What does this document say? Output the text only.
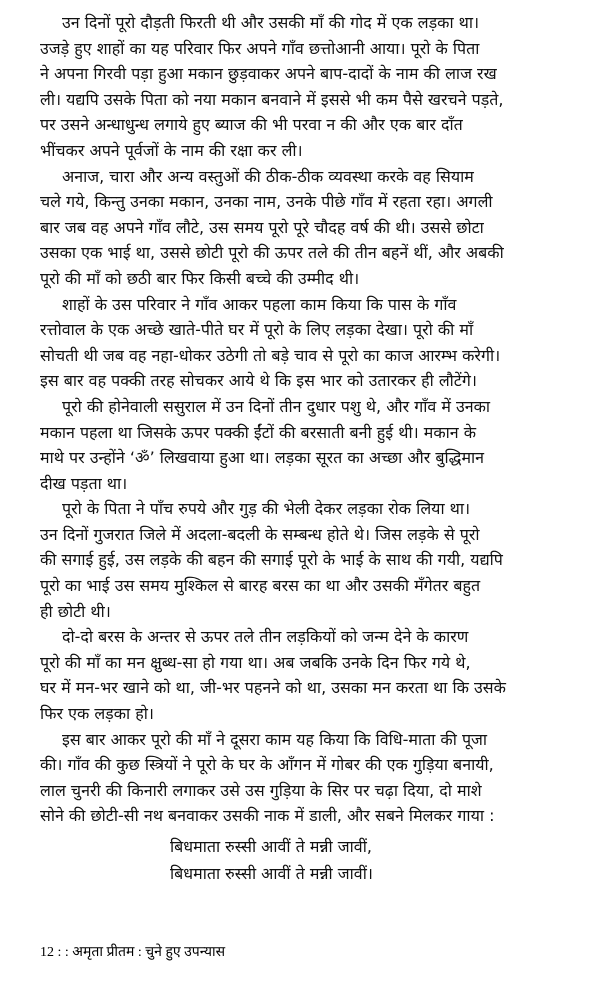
उन दिनों पूरो दौड़ती फिरती थी और उसकी माँ की गोद में एक लड़का था।
उजड़े हुए शाहों का यह परिवार फिर अपने गाँव छत्तोआनी आया। पूरो के पिता
ने अपना गिरवी पड़ा हुआ मकान छुड़वाकर अपने बाप-दादों के नाम की लाज रख
ली। यद्यपि उसके पिता को नया मकान बनवाने में इससे भी कम पैसे खरचने पड़ते,
पर उसने अन्धाधुन्ध लगाये हुए ब्याज की भी परवा न की और एक बार दाँत
भींचकर अपने पूर्वजों के नाम की रक्षा कर ली।

अनाज, चारा और अन्य वस्तुओं की ठीक-ठीक व्यवस्था करके वह सियाम
चले गये, किन्तु उनका मकान, उनका नाम, उनके पीछे गाँव में रहता रहा। अगली
बार जब वह अपने गाँव लौटे, उस समय पूरो पूरे चौदह वर्ष की थी। उससे छोटा
उसका एक भाई था, उससे छोटी पूरो की ऊपर तले की तीन बहनें थीं, और अबकी
पूरो की माँ को छठी बार फिर किसी बच्चे की उम्मीद थी।

शाहों के उस परिवार ने गाँव आकर पहला काम किया कि पास के गाँव
रत्तोवाल के एक अच्छे खाते-पीते घर में पूरो के लिए लड़का देखा। पूरो की माँ
सोचती थी जब वह नहा-धोकर उठेगी तो बड़े चाव से पूरो का काज आरम्भ करेगी।
इस बार वह पक्की तरह सोचकर आये थे कि इस भार को उतारकर ही लौटेंगे।

पूरो की होनेवाली ससुराल में उन दिनों तीन दुधार पशु थे, और गाँव में उनका
मकान पहला था जिसके ऊपर पक्की ईंटों की बरसाती बनी हुई थी। मकान के
माथे पर उन्होंने ‘ॐ’ लिखवाया हुआ था। लड़का सूरत का अच्छा और बुद्धिमान
दीख पड़ता था।

पूरो के पिता ने पाँच रुपये और गुड़ की भेली देकर लड़का रोक लिया था।
उन दिनों गुजरात जिले में अदला-बदली के सम्बन्ध होते थे। जिस लड़के से पूरो
की सगाई हुई, उस लड़के की बहन की सगाई पूरो के भाई के साथ की गयी, यद्यपि
पूरो का भाई उस समय मुश्किल से बारह बरस का था और उसकी मँगेतर बहुत
ही छोटी थी।

दो-दो बरस के अन्तर से ऊपर तले तीन लड़कियों को जन्म देने के कारण
पूरो की माँ का मन क्षुब्ध-सा हो गया था। अब जबकि उनके दिन फिर गये थे,
घर में मन-भर खाने को था, जी-भर पहनने को था, उसका मन करता था कि उसके
फिर एक लड़का हो।

इस बार आकर पूरो की माँ ने दूसरा काम यह किया कि विधि-माता की पूजा
की। गाँव की कुछ स्त्रियों ने पूरो के घर के आँगन में गोबर की एक गुड़िया बनायी,
लाल चुनरी की किनारी लगाकर उसे उस गुड़िया के सिर पर चढ़ा दिया, दो माशे
सोने की छोटी-सी नथ बनवाकर उसकी नाक में डाली, और सबने मिलकर गाया :

बिधमाता रुस्सी आवीं ते मन्नी जावीं,
बिधमाता रुस्सी आवीं ते मन्नी जावीं।
12 : : अमृता प्रीतम : चुने हुए उपन्यास
